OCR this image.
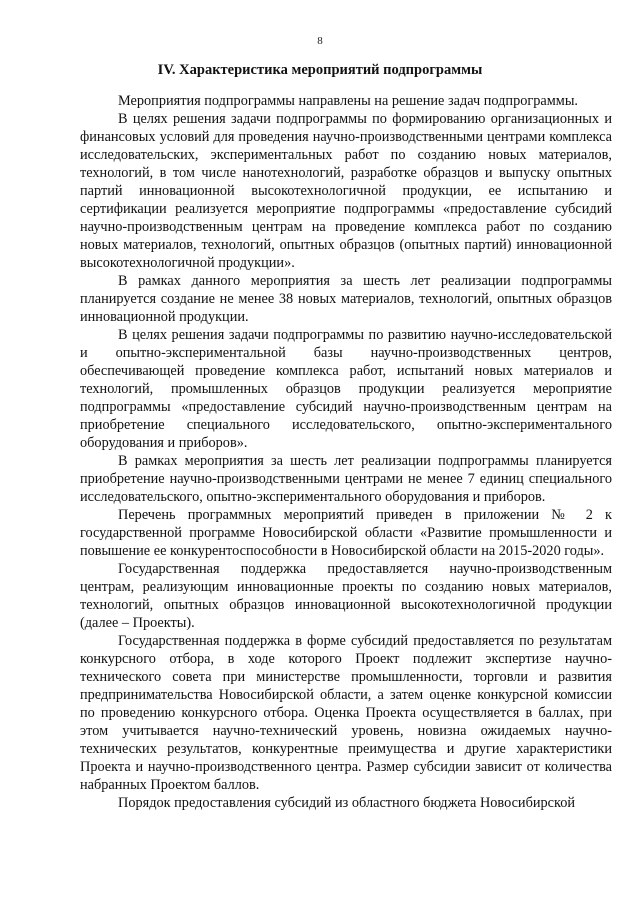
8
IV. Характеристика мероприятий подпрограммы

Мероприятия подпрограммы направлены на решение задач подпрограммы.

В целях решения задачи подпрограммы по формированию организационных и финансовых условий для проведения научно-производственными центрами комплекса исследовательских, экспериментальных работ по созданию новых материалов, технологий, в том числе нанотехнологий, разработке образцов и выпуску опытных партий инновационной высокотехнологичной продукции, ее испытанию и сертификации реализуется мероприятие подпрограммы «предоставление субсидий научно-производственным центрам на проведение комплекса работ по созданию новых материалов, технологий, опытных образцов (опытных партий) инновационной высокотехнологичной продукции».

В рамках данного мероприятия за шесть лет реализации подпрограммы планируется создание не менее 38 новых материалов, технологий, опытных образцов инновационной продукции.

В целях решения задачи подпрограммы по развитию научно-исследовательской и опытно-экспериментальной базы научно-производственных центров, обеспечивающей проведение комплекса работ, испытаний новых материалов и технологий, промышленных образцов продукции реализуется мероприятие подпрограммы «предоставление субсидий научно-производственным центрам на приобретение специального исследовательского, опытно-экспериментального оборудования и приборов».

В рамках мероприятия за шесть лет реализации подпрограммы планируется приобретение научно-производственными центрами не менее 7 единиц специального исследовательского, опытно-экспериментального оборудования и приборов.

Перечень программных мероприятий приведен в приложении № 2 к государственной программе Новосибирской области «Развитие промышленности и повышение ее конкурентоспособности в Новосибирской области на 2015-2020 годы».

Государственная поддержка предоставляется научно-производственным центрам, реализующим инновационные проекты по созданию новых материалов, технологий, опытных образцов инновационной высокотехнологичной продукции (далее – Проекты).

Государственная поддержка в форме субсидий предоставляется по результатам конкурсного отбора, в ходе которого Проект подлежит экспертизе научно-технического совета при министерстве промышленности, торговли и развития предпринимательства Новосибирской области, а затем оценке конкурсной комиссии по проведению конкурсного отбора. Оценка Проекта осуществляется в баллах, при этом учитывается научно-технический уровень, новизна ожидаемых научно-технических результатов, конкурентные преимущества и другие характеристики Проекта и научно-производственного центра. Размер субсидии зависит от количества набранных Проектом баллов.

Порядок предоставления субсидий из областного бюджета Новосибирской
